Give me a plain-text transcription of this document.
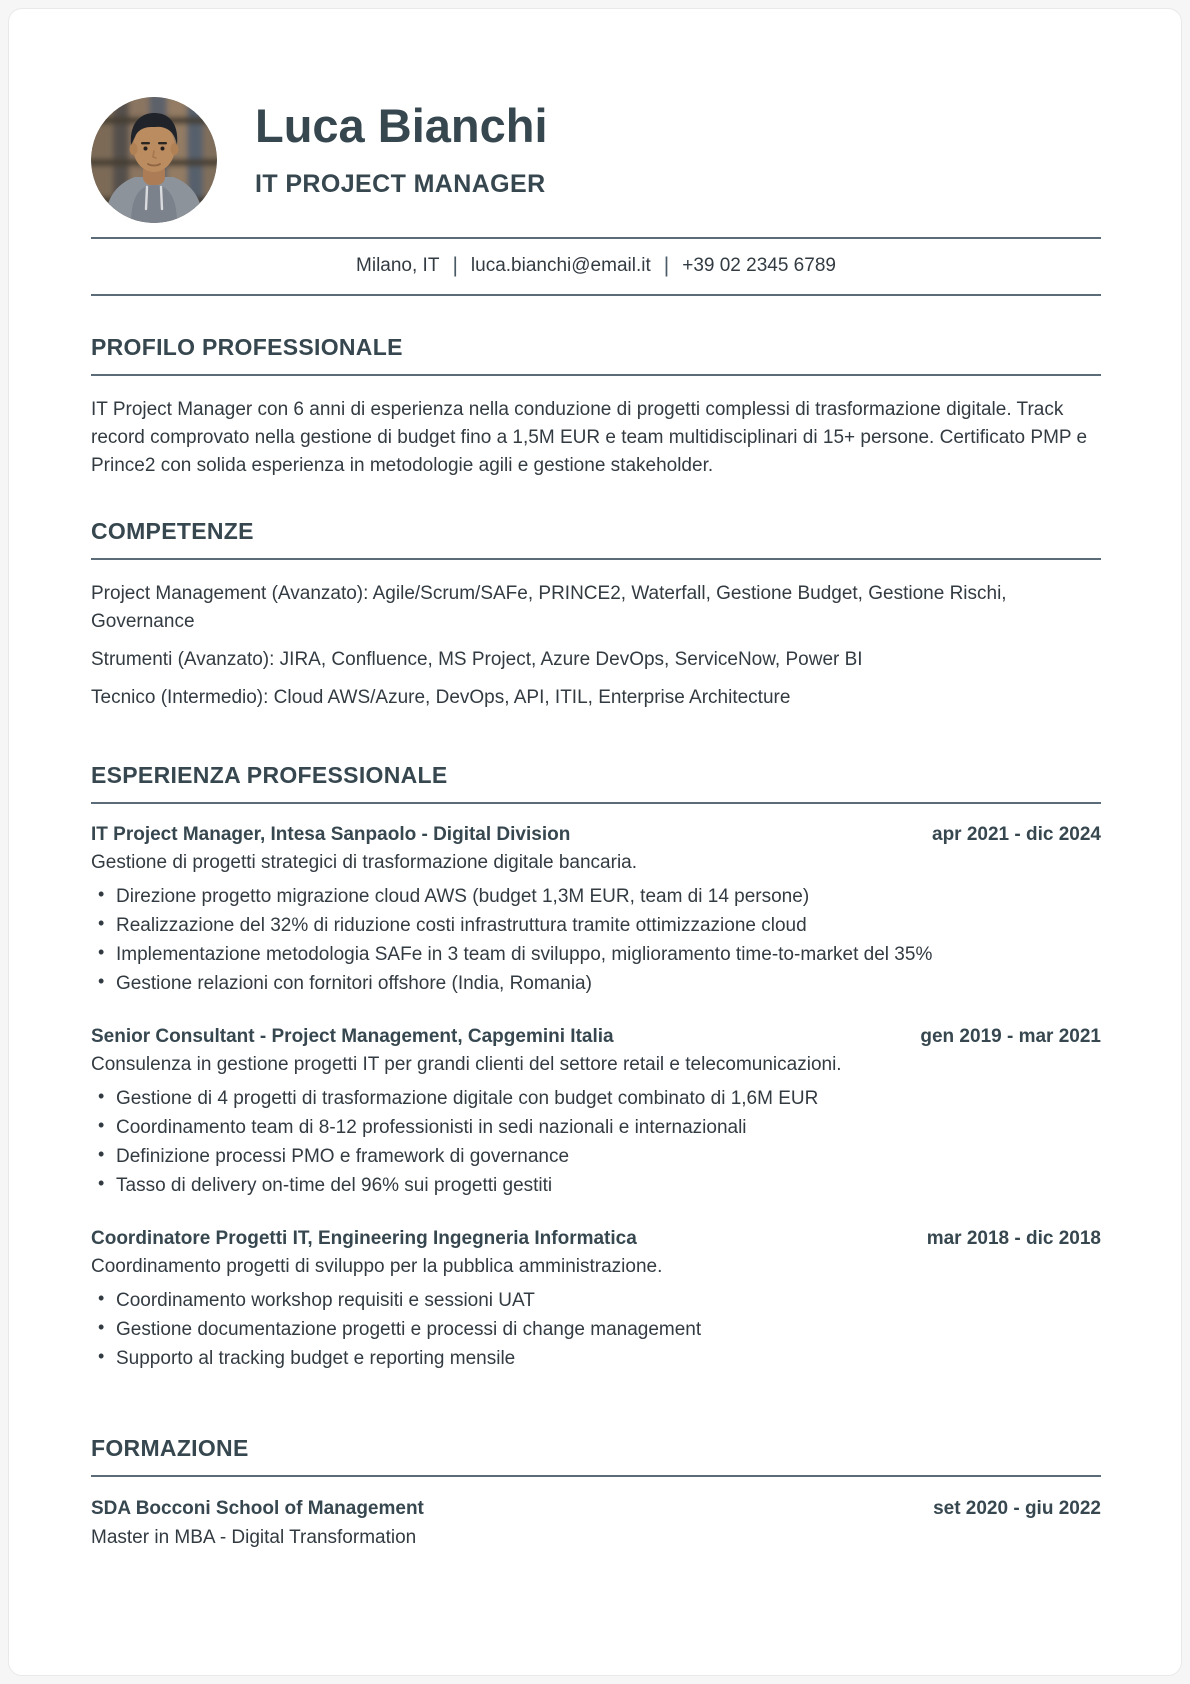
Luca Bianchi
IT PROJECT MANAGER
Milano, IT | luca.bianchi@email.it | +39 02 2345 6789
PROFILO PROFESSIONALE

IT Project Manager con 6 anni di esperienza nella conduzione di progetti complessi di trasformazione digitale. Track record comprovato nella gestione di budget fino a 1,5M EUR e team multidisciplinari di 15+ persone. Certificato PMP e Prince2 con solida esperienza in metodologie agili e gestione stakeholder.

COMPETENZE

Project Management (Avanzato): Agile/Scrum/SAFe, PRINCE2, Waterfall, Gestione Budget, Gestione Rischi, Governance

Strumenti (Avanzato): JIRA, Confluence, MS Project, Azure DevOps, ServiceNow, Power BI

Tecnico (Intermedio): Cloud AWS/Azure, DevOps, API, ITIL, Enterprise Architecture

ESPERIENZA PROFESSIONALE
IT Project Manager, Intesa Sanpaolo - Digital Division	apr 2021 - dic 2024

Gestione di progetti strategici di trasformazione digitale bancaria.

• Direzione progetto migrazione cloud AWS (budget 1,3M EUR, team di 14 persone)
• Realizzazione del 32% di riduzione costi infrastruttura tramite ottimizzazione cloud
• Implementazione metodologia SAFe in 3 team di sviluppo, miglioramento time-to-market del 35%
• Gestione relazioni con fornitori offshore (India, Romania)
Senior Consultant - Project Management, Capgemini Italia	gen 2019 - mar 2021

Consulenza in gestione progetti IT per grandi clienti del settore retail e telecomunicazioni.

• Gestione di 4 progetti di trasformazione digitale con budget combinato di 1,6M EUR
• Coordinamento team di 8-12 professionisti in sedi nazionali e internazionali
• Definizione processi PMO e framework di governance
• Tasso di delivery on-time del 96% sui progetti gestiti
Coordinatore Progetti IT, Engineering Ingegneria Informatica	mar 2018 - dic 2018

Coordinamento progetti di sviluppo per la pubblica amministrazione.

• Coordinamento workshop requisiti e sessioni UAT
• Gestione documentazione progetti e processi di change management
• Supporto al tracking budget e reporting mensile
FORMAZIONE
SDA Bocconi School of Management	set 2020 - giu 2022
Master in MBA - Digital Transformation
